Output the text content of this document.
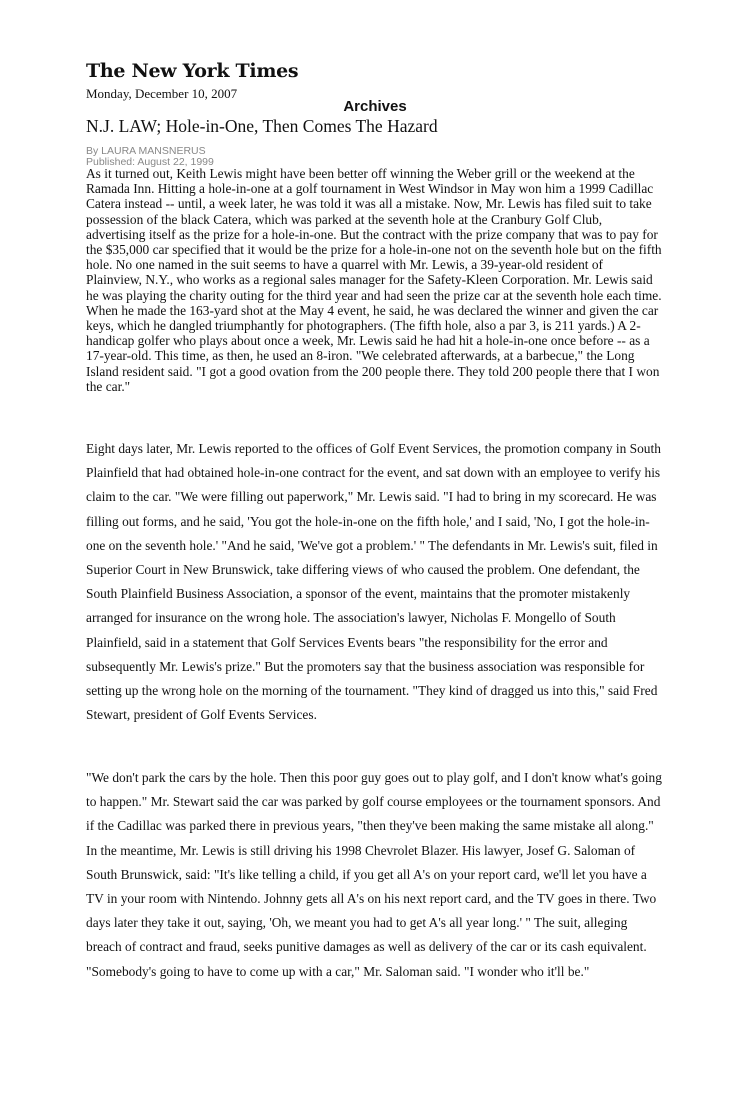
The New York Times
Monday, December 10, 2007
Archives
N.J. LAW; Hole-in-One, Then Comes The Hazard
By LAURA MANSNERUS
Published: August 22, 1999

As it turned out, Keith Lewis might have been better off winning the Weber grill or the weekend at the Ramada Inn. Hitting a hole-in-one at a golf tournament in West Windsor in May won him a 1999 Cadillac Catera instead -- until, a week later, he was told it was all a mistake. Now, Mr. Lewis has filed suit to take possession of the black Catera, which was parked at the seventh hole at the Cranbury Golf Club, advertising itself as the prize for a hole-in-one. But the contract with the prize company that was to pay for the $35,000 car specified that it would be the prize for a hole-in-one not on the seventh hole but on the fifth hole. No one named in the suit seems to have a quarrel with Mr. Lewis, a 39-year-old resident of Plainview, N.Y., who works as a regional sales manager for the Safety-Kleen Corporation. Mr. Lewis said he was playing the charity outing for the third year and had seen the prize car at the seventh hole each time. When he made the 163-yard shot at the May 4 event, he said, he was declared the winner and given the car keys, which he dangled triumphantly for photographers. (The fifth hole, also a par 3, is 211 yards.) A 2-handicap golfer who plays about once a week, Mr. Lewis said he had hit a hole-in-one once before -- as a 17-year-old. This time, as then, he used an 8-iron. "We celebrated afterwards, at a barbecue," the Long Island resident said. "I got a good ovation from the 200 people there. They told 200 people there that I won the car."

Eight days later, Mr. Lewis reported to the offices of Golf Event Services, the promotion company in South Plainfield that had obtained hole-in-one contract for the event, and sat down with an employee to verify his claim to the car. "We were filling out paperwork," Mr. Lewis said. "I had to bring in my scorecard. He was filling out forms, and he said, 'You got the hole-in-one on the fifth hole,' and I said, 'No, I got the hole-in-one on the seventh hole.' "And he said, 'We've got a problem.' " The defendants in Mr. Lewis's suit, filed in Superior Court in New Brunswick, take differing views of who caused the problem. One defendant, the South Plainfield Business Association, a sponsor of the event, maintains that the promoter mistakenly arranged for insurance on the wrong hole. The association's lawyer, Nicholas F. Mongello of South Plainfield, said in a statement that Golf Services Events bears "the responsibility for the error and subsequently Mr. Lewis's prize." But the promoters say that the business association was responsible for setting up the wrong hole on the morning of the tournament. "They kind of dragged us into this," said Fred Stewart, president of Golf Events Services.

"We don't park the cars by the hole. Then this poor guy goes out to play golf, and I don't know what's going to happen." Mr. Stewart said the car was parked by golf course employees or the tournament sponsors. And if the Cadillac was parked there in previous years, "then they've been making the same mistake all along." In the meantime, Mr. Lewis is still driving his 1998 Chevrolet Blazer. His lawyer, Josef G. Saloman of South Brunswick, said: "It's like telling a child, if you get all A's on your report card, we'll let you have a TV in your room with Nintendo. Johnny gets all A's on his next report card, and the TV goes in there. Two days later they take it out, saying, 'Oh, we meant you had to get A's all year long.' " The suit, alleging breach of contract and fraud, seeks punitive damages as well as delivery of the car or its cash equivalent. "Somebody's going to have to come up with a car," Mr. Saloman said. "I wonder who it'll be."
